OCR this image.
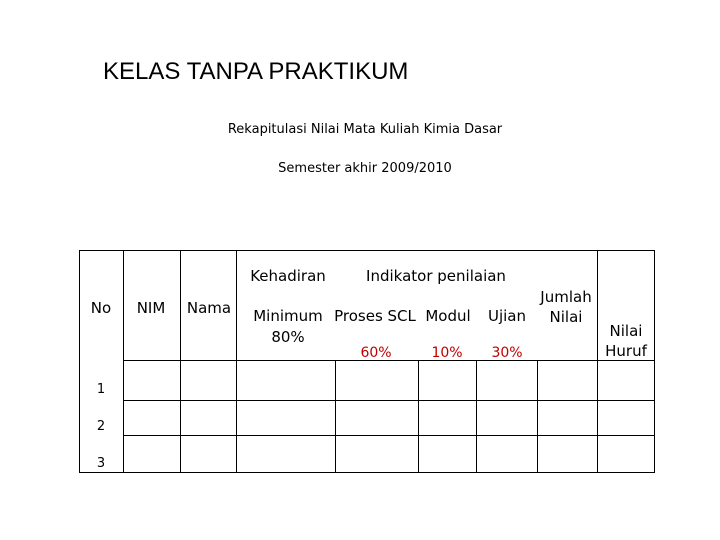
KELAS TANPA PRAKTIKUM
Rekapitulasi Nilai Mata Kuliah Kimia Dasar
Semester akhir 2009/2010
No NIM Nama
Kehadiran
Minimum
80%
Indikator penilaian
Proses SCL Modul Ujian
60%	10% 30%
Jumlah
Nilai
Nilai
Huruf
1
2
3
